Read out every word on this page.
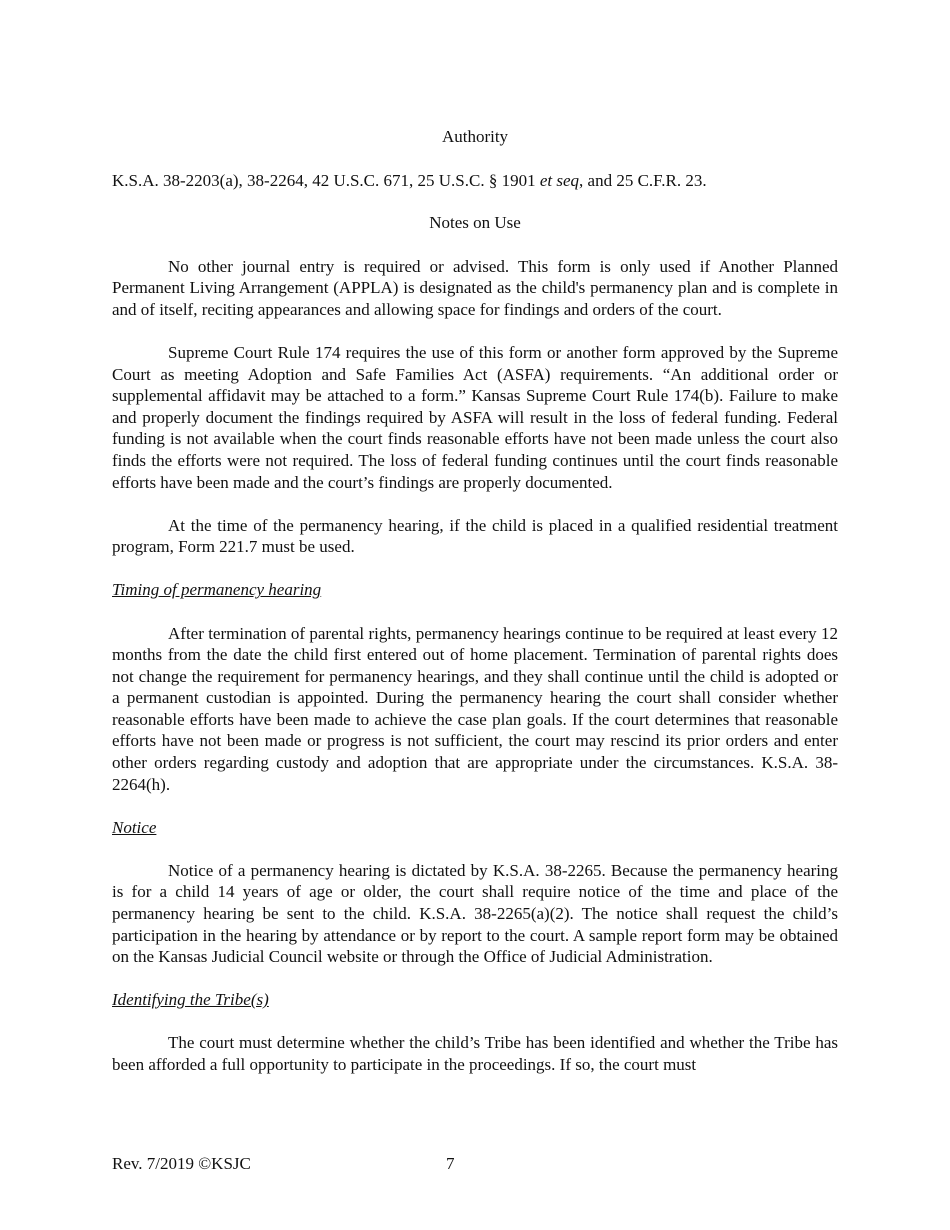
Authority

K.S.A. 38-2203(a), 38-2264, 42 U.S.C. 671, 25 U.S.C. § 1901 et seq, and 25 C.F.R. 23.

Notes on Use

No other journal entry is required or advised. This form is only used if Another Planned Permanent Living Arrangement (APPLA) is designated as the child's permanency plan and is complete in and of itself, reciting appearances and allowing space for findings and orders of the court.

Supreme Court Rule 174 requires the use of this form or another form approved by the Supreme Court as meeting Adoption and Safe Families Act (ASFA) requirements. “An additional order or supplemental affidavit may be attached to a form.” Kansas Supreme Court Rule 174(b). Failure to make and properly document the findings required by ASFA will result in the loss of federal funding. Federal funding is not available when the court finds reasonable efforts have not been made unless the court also finds the efforts were not required. The loss of federal funding continues until the court finds reasonable efforts have been made and the court’s findings are properly documented.

At the time of the permanency hearing, if the child is placed in a qualified residential treatment program, Form 221.7 must be used.

Timing of permanency hearing

After termination of parental rights, permanency hearings continue to be required at least every 12 months from the date the child first entered out of home placement. Termination of parental rights does not change the requirement for permanency hearings, and they shall continue until the child is adopted or a permanent custodian is appointed. During the permanency hearing the court shall consider whether reasonable efforts have been made to achieve the case plan goals. If the court determines that reasonable efforts have not been made or progress is not sufficient, the court may rescind its prior orders and enter other orders regarding custody and adoption that are appropriate under the circumstances. K.S.A. 38-2264(h).

Notice

Notice of a permanency hearing is dictated by K.S.A. 38-2265. Because the permanency hearing is for a child 14 years of age or older, the court shall require notice of the time and place of the permanency hearing be sent to the child. K.S.A. 38-2265(a)(2). The notice shall request the child’s participation in the hearing by attendance or by report to the court. A sample report form may be obtained on the Kansas Judicial Council website or through the Office of Judicial Administration.

Identifying the Tribe(s)

The court must determine whether the child’s Tribe has been identified and whether the Tribe has been afforded a full opportunity to participate in the proceedings. If so, the court must

Rev. 7/2019 ©KSJC	7
